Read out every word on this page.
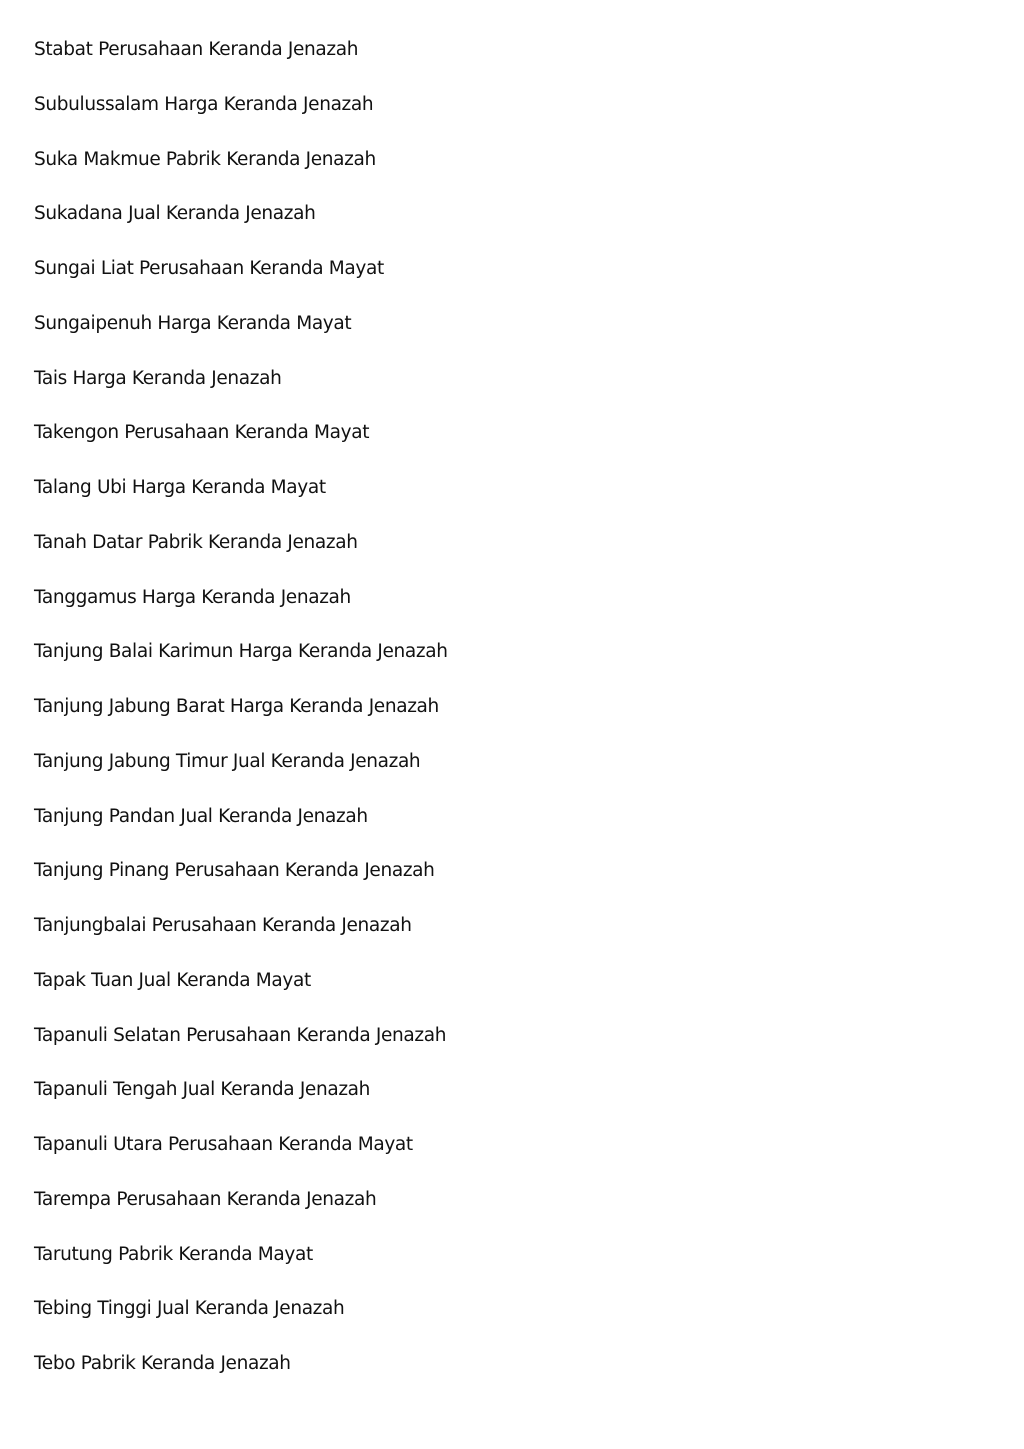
Stabat Perusahaan Keranda Jenazah
Subulussalam Harga Keranda Jenazah
Suka Makmue Pabrik Keranda Jenazah
Sukadana Jual Keranda Jenazah
Sungai Liat Perusahaan Keranda Mayat
Sungaipenuh Harga Keranda Mayat
Tais Harga Keranda Jenazah
Takengon Perusahaan Keranda Mayat
Talang Ubi Harga Keranda Mayat
Tanah Datar Pabrik Keranda Jenazah
Tanggamus Harga Keranda Jenazah
Tanjung Balai Karimun Harga Keranda Jenazah
Tanjung Jabung Barat Harga Keranda Jenazah
Tanjung Jabung Timur Jual Keranda Jenazah
Tanjung Pandan Jual Keranda Jenazah
Tanjung Pinang Perusahaan Keranda Jenazah
Tanjungbalai Perusahaan Keranda Jenazah
Tapak Tuan Jual Keranda Mayat
Tapanuli Selatan Perusahaan Keranda Jenazah
Tapanuli Tengah Jual Keranda Jenazah
Tapanuli Utara Perusahaan Keranda Mayat
Tarempa Perusahaan Keranda Jenazah
Tarutung Pabrik Keranda Mayat
Tebing Tinggi Jual Keranda Jenazah
Tebo Pabrik Keranda Jenazah
